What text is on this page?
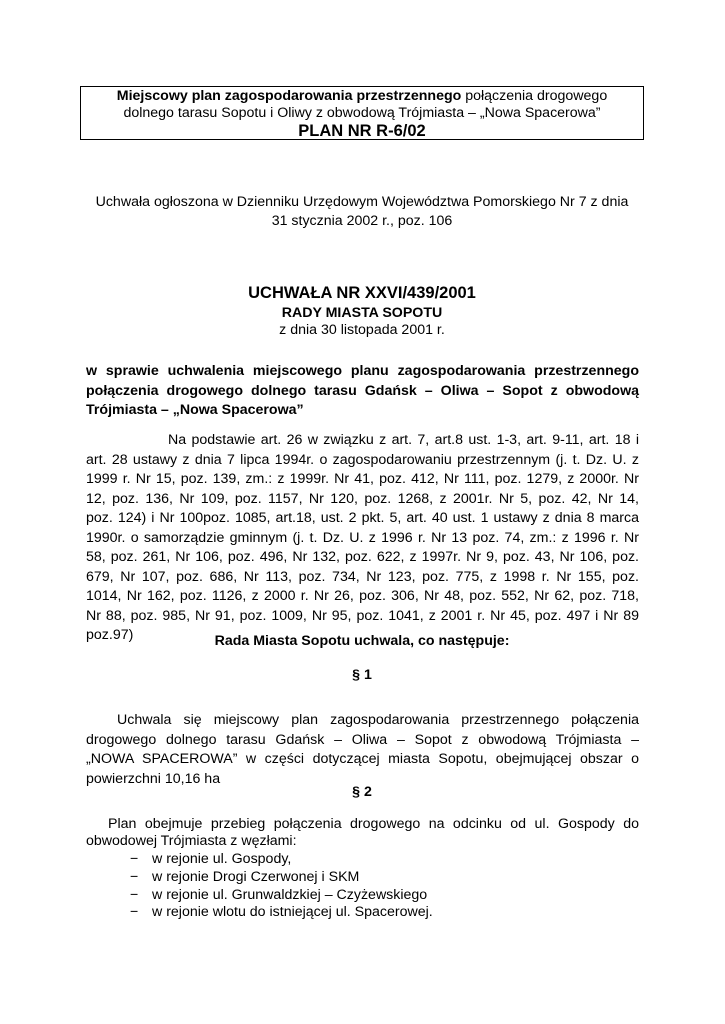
Miejscowy plan zagospodarowania przestrzennego połączenia drogowego
dolnego tarasu Sopotu i Oliwy z obwodową Trójmiasta – „Nowa Spacerowa”
PLAN NR R-6/02
Uchwała ogłoszona w Dzienniku Urzędowym Województwa Pomorskiego Nr 7 z dnia
31 stycznia 2002 r., poz. 106
UCHWAŁA NR XXVI/439/2001
RADY MIASTA SOPOTU
z dnia 30 listopada 2001 r.
w sprawie uchwalenia miejscowego planu zagospodarowania przestrzennego
połączenia drogowego dolnego tarasu Gdańsk – Oliwa – Sopot z obwodową
Trójmiasta – „Nowa Spacerowa”
Na podstawie art. 26 w związku z art. 7, art.8 ust. 1-3, art. 9-11, art. 18 i
art. 28 ustawy z dnia 7 lipca 1994r. o zagospodarowaniu przestrzennym (j. t. Dz. U. z
1999 r. Nr 15, poz. 139, zm.: z 1999r. Nr 41, poz. 412, Nr 111, poz. 1279, z 2000r. Nr
12, poz. 136, Nr 109, poz. 1157, Nr 120, poz. 1268, z 2001r. Nr 5, poz. 42, Nr 14,
poz. 124) i Nr 100poz. 1085, art.18, ust. 2 pkt. 5, art. 40 ust. 1 ustawy z dnia 8 marca
1990r. o samorządzie gminnym (j. t. Dz. U. z 1996 r. Nr 13 poz. 74, zm.: z 1996 r. Nr
58, poz. 261, Nr 106, poz. 496, Nr 132, poz. 622, z 1997r. Nr 9, poz. 43, Nr 106, poz.
679, Nr 107, poz. 686, Nr 113, poz. 734, Nr 123, poz. 775, z 1998 r. Nr 155, poz.
1014, Nr 162, poz. 1126, z 2000 r. Nr 26, poz. 306, Nr 48, poz. 552, Nr 62, poz. 718,
Nr 88, poz. 985, Nr 91, poz. 1009, Nr 95, poz. 1041, z 2001 r. Nr 45, poz. 497 i Nr 89
poz.97)	Rada Miasta Sopotu uchwala, co następuje:
§ 1
Uchwala się miejscowy plan zagospodarowania przestrzennego połączenia
drogowego dolnego tarasu Gdańsk – Oliwa – Sopot z obwodową Trójmiasta –
„NOWA SPACEROWA” w części dotyczącej miasta Sopotu, obejmującej obszar o
powierzchni 10,16 ha
§ 2
Plan obejmuje przebieg połączenia drogowego na odcinku od ul. Gospody do
obwodowej Trójmiasta z węzłami:
− w rejonie ul. Gospody,
− w rejonie Drogi Czerwonej i SKM
− w rejonie ul. Grunwaldzkiej – Czyżewskiego
− w rejonie wlotu do istniejącej ul. Spacerowej.
